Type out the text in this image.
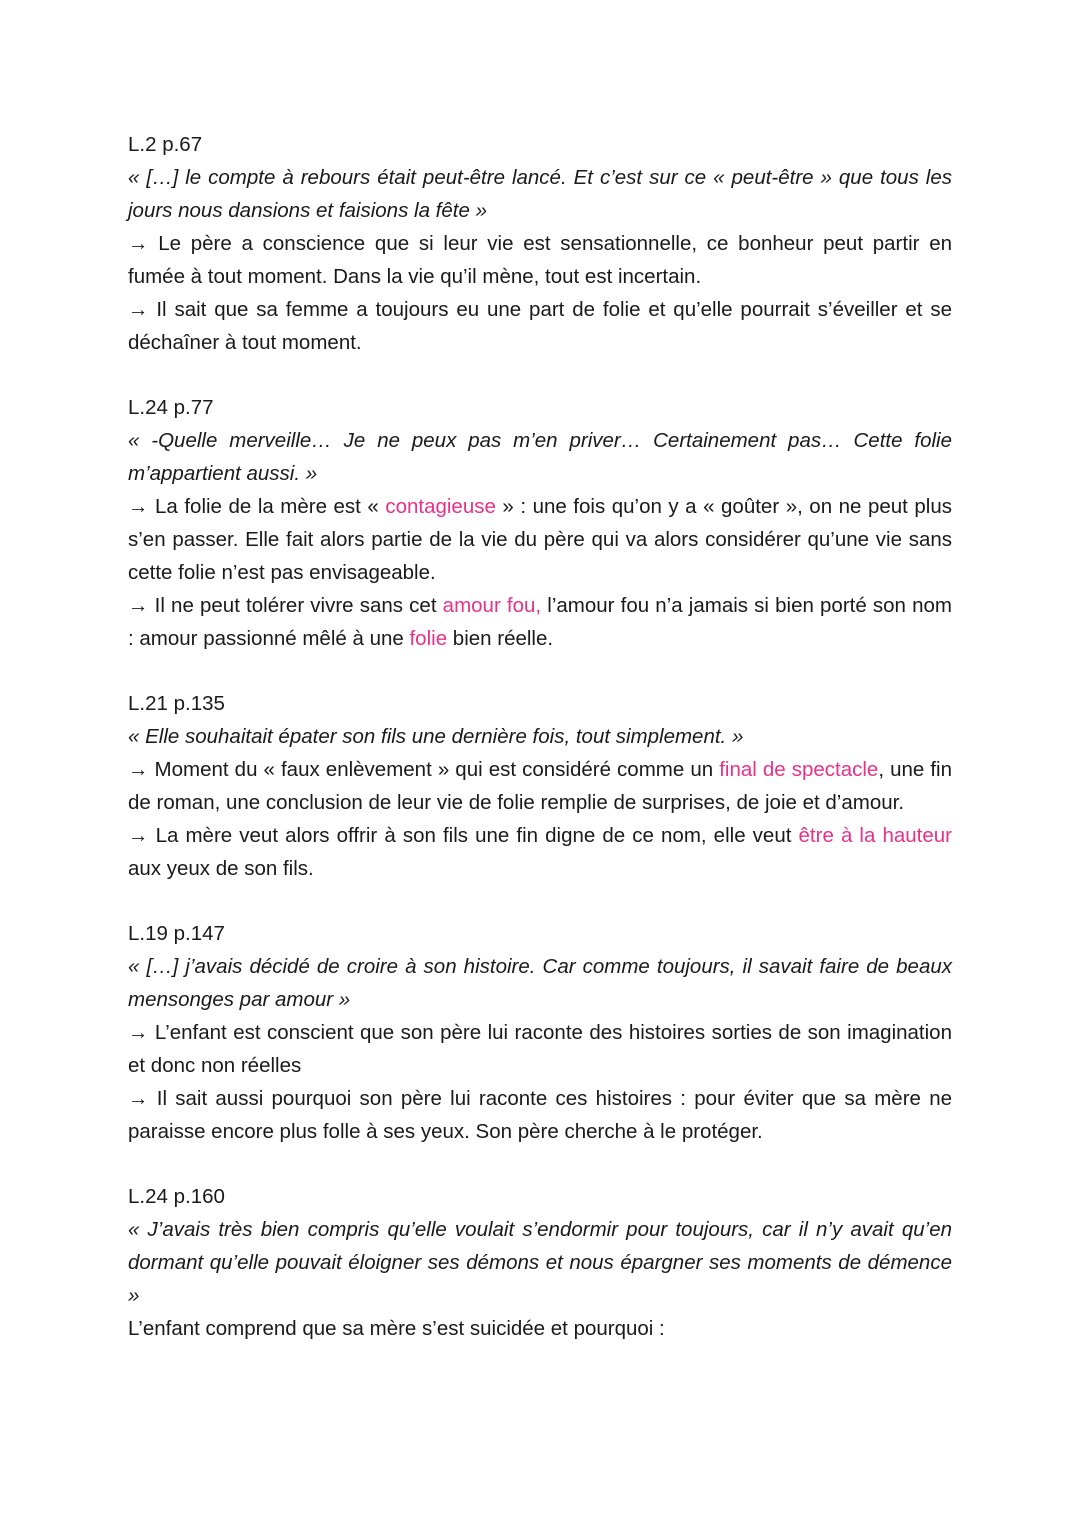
L.2 p.67

« […] le compte à rebours était peut-être lancé. Et c’est sur ce « peut-être » que tous les jours nous dansions et faisions la fête »

→ Le père a conscience que si leur vie est sensationnelle, ce bonheur peut partir en fumée à tout moment. Dans la vie qu’il mène, tout est incertain.

→ Il sait que sa femme a toujours eu une part de folie et qu’elle pourrait s’éveiller et se déchaîner à tout moment.

L.24 p.77

« -Quelle merveille… Je ne peux pas m’en priver… Certainement pas… Cette folie m’appartient aussi. »

→ La folie de la mère est « contagieuse » : une fois qu’on y a « goûter », on ne peut plus s’en passer. Elle fait alors partie de la vie du père qui va alors considérer qu’une vie sans cette folie n’est pas envisageable.

→ Il ne peut tolérer vivre sans cet amour fou, l’amour fou n’a jamais si bien porté son nom : amour passionné mêlé à une folie bien réelle.

L.21 p.135

« Elle souhaitait épater son fils une dernière fois, tout simplement. »

→ Moment du « faux enlèvement » qui est considéré comme un final de spectacle, une fin de roman, une conclusion de leur vie de folie remplie de surprises, de joie et d’amour.

→ La mère veut alors offrir à son fils une fin digne de ce nom, elle veut être à la hauteur aux yeux de son fils.

L.19 p.147

« […] j’avais décidé de croire à son histoire. Car comme toujours, il savait faire de beaux mensonges par amour »

→ L’enfant est conscient que son père lui raconte des histoires sorties de son imagination et donc non réelles

→ Il sait aussi pourquoi son père lui raconte ces histoires : pour éviter que sa mère ne paraisse encore plus folle à ses yeux. Son père cherche à le protéger.

L.24 p.160

« J’avais très bien compris qu’elle voulait s’endormir pour toujours, car il n’y avait qu’en dormant qu’elle pouvait éloigner ses démons et nous épargner ses moments de démence »

L’enfant comprend que sa mère s’est suicidée et pourquoi :
